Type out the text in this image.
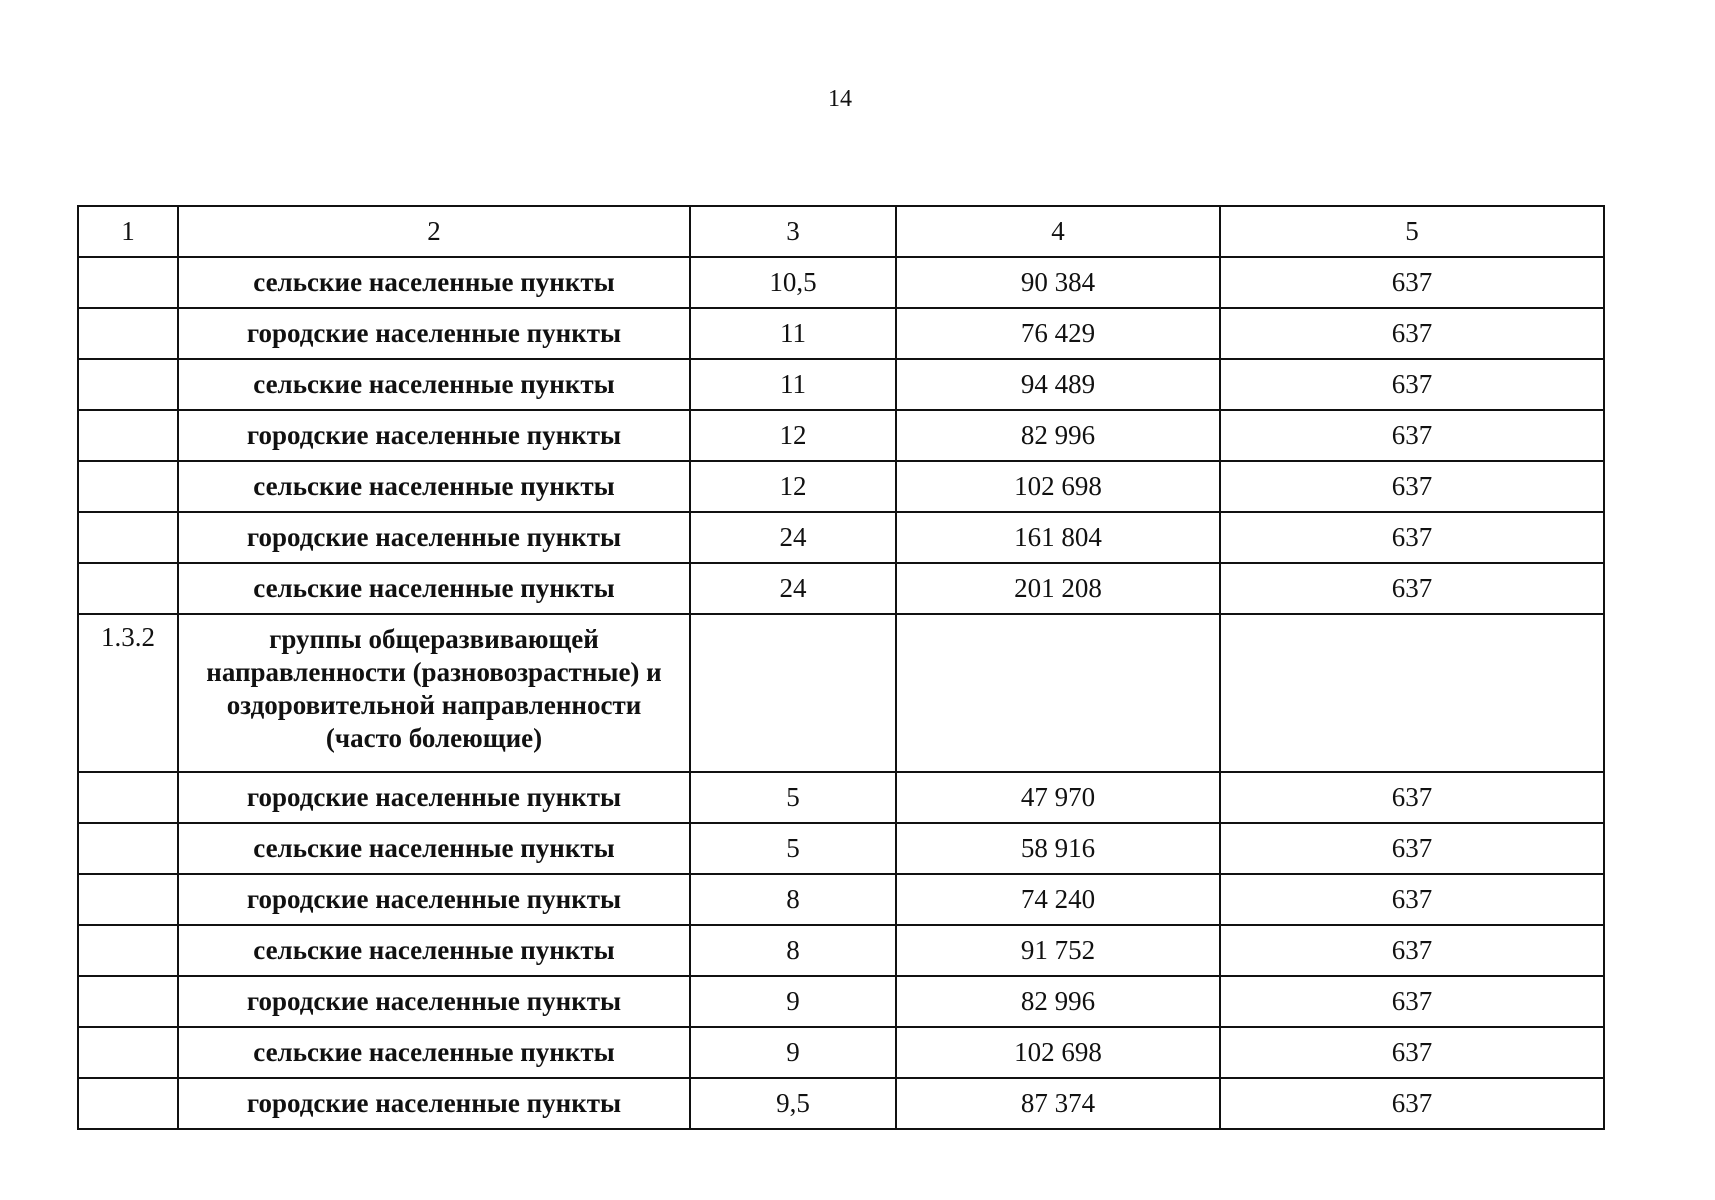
14
1	2	3	4	5
	сельские населенные пункты	10,5	90 384	637
	городские населенные пункты	11	76 429	637
	сельские населенные пункты	11	94 489	637
	городские населенные пункты	12	82 996	637
	сельские населенные пункты	12	102 698	637
	городские населенные пункты	24	161 804	637
	сельские населенные пункты	24	201 208	637
1.3.2	группы общеразвивающей направленности (разновозрастные) и оздоровительной направленности (часто болеющие)			
	городские населенные пункты	5	47 970	637
	сельские населенные пункты	5	58 916	637
	городские населенные пункты	8	74 240	637
	сельские населенные пункты	8	91 752	637
	городские населенные пункты	9	82 996	637
	сельские населенные пункты	9	102 698	637
	городские населенные пункты	9,5	87 374	637
